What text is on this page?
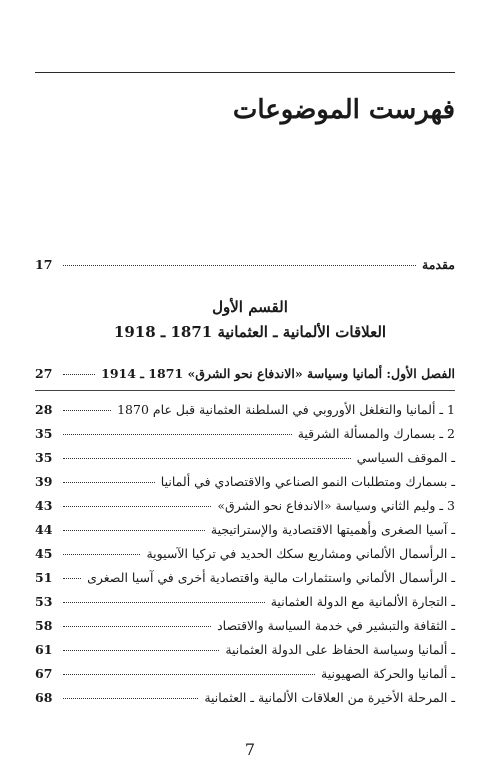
فهرست الموضوعات
مقدمة
17
القسم الأول
العلاقات الألمانية ـ العثمانية 1871 ـ 1918
الفصل الأول: ألمانيا وسياسة «الاندفاع نحو الشرق» 1871 ـ 1914
27
1 ـ ألمانيا والتغلغل الأوروبي في السلطنة العثمانية قبل عام 1870
28
2 ـ بسمارك والمسألة الشرقية
35
ـ الموقف السياسي
35
ـ بسمارك ومتطلبات النمو الصناعي والاقتصادي في ألمانيا
39
3 ـ وليم الثاني وسياسة «الاندفاع نحو الشرق»
43
ـ آسيا الصغرى وأهميتها الاقتصادية والإستراتيجية
44
ـ الرأسمال الألماني ومشاريع سكك الحديد في تركيا الآسيوية
45
ـ الرأسمال الألماني واستثمارات مالية واقتصادية أخرى في آسيا الصغرى
51
ـ التجارة الألمانية مع الدولة العثمانية
53
ـ الثقافة والتبشير في خدمة السياسة والاقتصاد
58
ـ ألمانيا وسياسة الحفاظ على الدولة العثمانية
61
ـ ألمانيا والحركة الصهيونية
67
ـ المرحلة الأخيرة من العلاقات الألمانية ـ العثمانية
68
7
